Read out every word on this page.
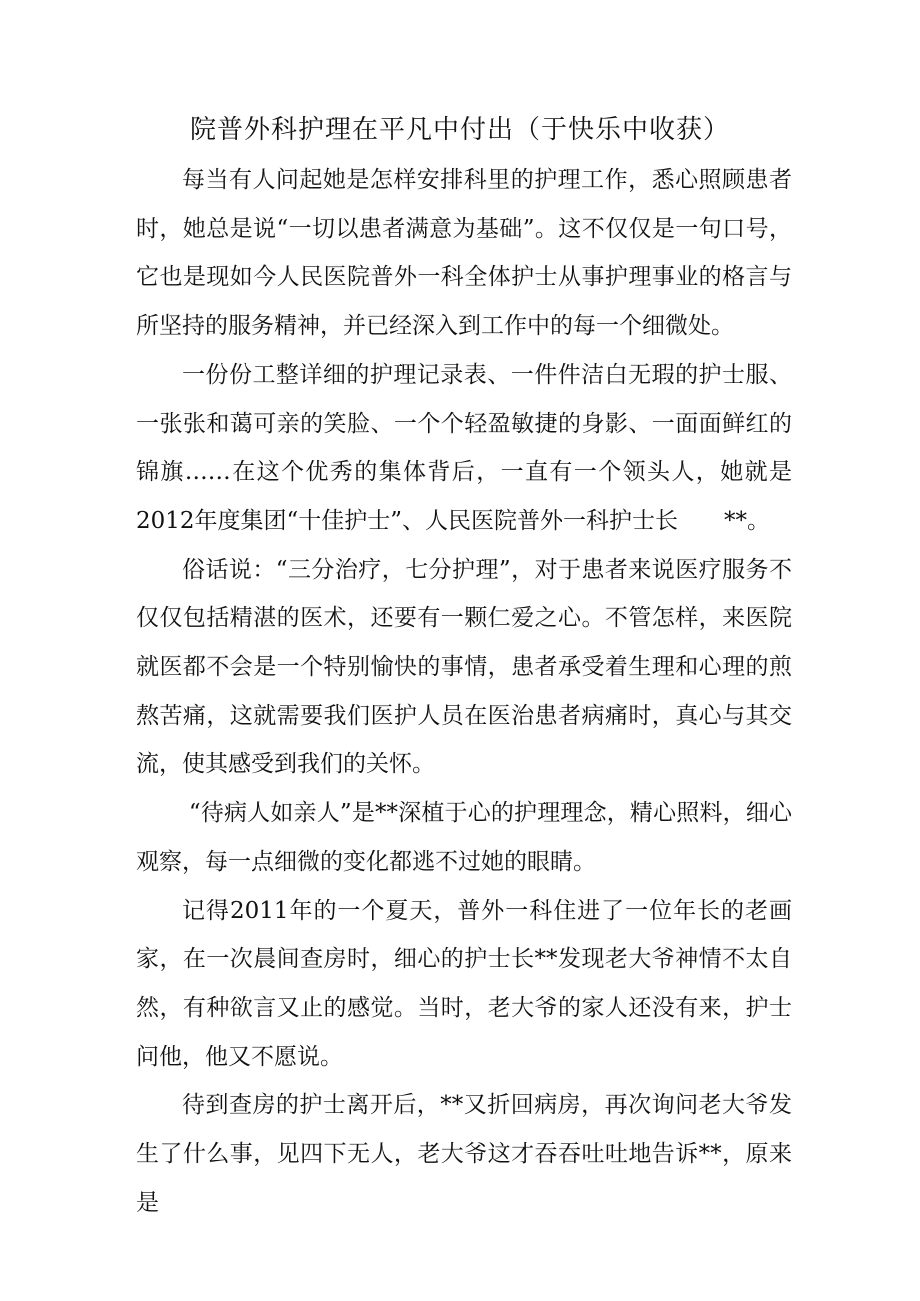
院普外科护理在平凡中付出（于快乐中收获）

每当有人问起她是怎样安排科里的护理工作，悉心照顾患者时，她总是说“一切以患者满意为基础”。这不仅仅是一句口号，它也是现如今人民医院普外一科全体护士从事护理事业的格言与所坚持的服务精神，并已经深入到工作中的每一个细微处。

一份份工整详细的护理记录表、一件件洁白无瑕的护士服、一张张和蔼可亲的笑脸、一个个轻盈敏捷的身影、一面面鲜红的锦旗……在这个优秀的集体背后，一直有一个领头人，她就是2012年度集团“十佳护士”、人民医院普外一科护士长　　**。

俗话说：“三分治疗，七分护理”，对于患者来说医疗服务不仅仅包括精湛的医术，还要有一颗仁爱之心。不管怎样，来医院就医都不会是一个特别愉快的事情，患者承受着生理和心理的煎熬苦痛，这就需要我们医护人员在医治患者病痛时，真心与其交流，使其感受到我们的关怀。

“待病人如亲人”是**深植于心的护理理念，精心照料，细心观察，每一点细微的变化都逃不过她的眼睛。

记得2011年的一个夏天，普外一科住进了一位年长的老画家，在一次晨间查房时，细心的护士长**发现老大爷神情不太自然，有种欲言又止的感觉。当时，老大爷的家人还没有来，护士问他，他又不愿说。

待到查房的护士离开后，**又折回病房，再次询问老大爷发生了什么事，见四下无人，老大爷这才吞吞吐吐地告诉**，原来是
